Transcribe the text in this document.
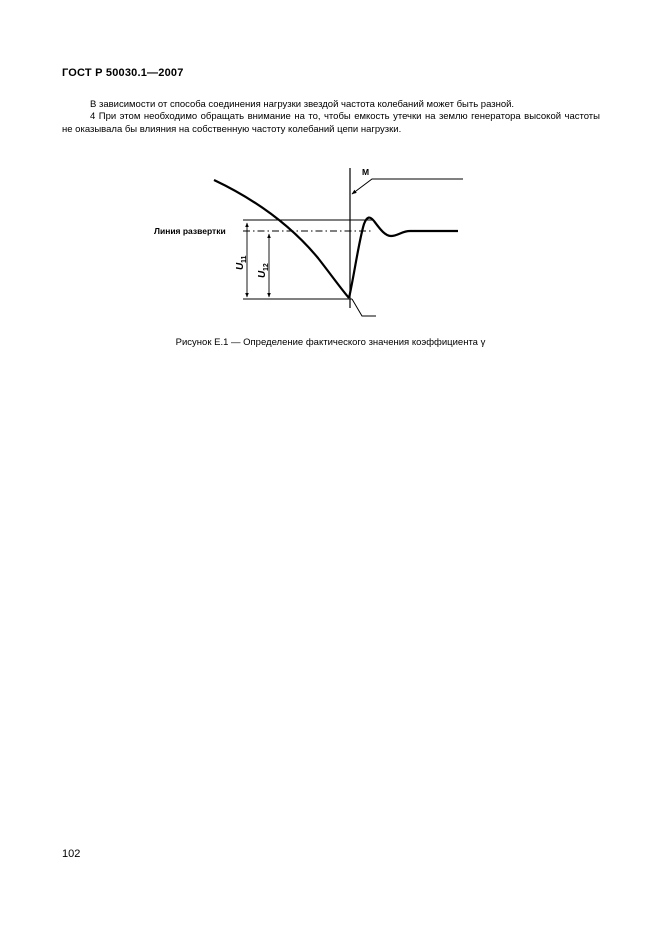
ГОСТ Р 50030.1—2007

В зависимости от способа соединения нагрузки звездой частота колебаний может быть разной.

4 При этом необходимо обращать внимание на то, чтобы емкость утечки на землю генератора высокой частоты не оказывала бы влияния на собственную частоту колебаний цепи нагрузки.

Линия развертки
M
U
11
U
12
Рисунок Е.1 — Определение фактического значения коэффициента γ
102
